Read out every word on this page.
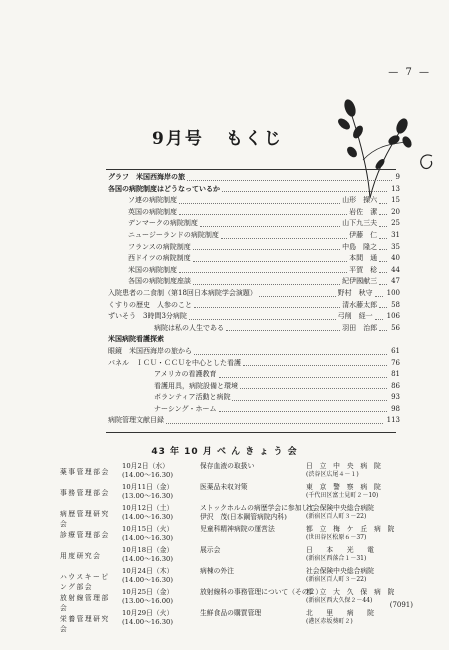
— 7 —
9月号 もくじ
グラフ　米国西海岸の旅	9
各国の病院制度はどうなっているか	13
ソ連の病院制度	山形　操六 15
英国の病院制度	岩佐　潔 20
デンマークの病院制度	山下九三夫 25
ニュージーランドの病院制度	伊藤　仁 31
フランスの病院制度	中島　隆之 35
西ドイツの病院制度	本間　通 40
米国の病院制度	平賀　稔 44
各国の病院制度座談	紀伊國献三 47
入院患者の二食制（第18回日本病院学会演題）	野村　秋守 100
くすりの歴史　人参のこと	清水藤太郎 58
ずいそう　3時間3分病院	弓削　経一 106
病院は私の人生である	羽田　治郎 56
米国病院看護探索
眼鏡　米国西海岸の旅から	61
パネル　ＩＣＵ・ＣＣＵを中心とした看護	76
アメリカの看護教育	81
看護用具，病院設備と環境	86
ボランティア活動と病院	93
ナーシング・ホーム	98
病院管理文献目録	113
43 年 10 月 べ ん き ょ う 会
薬事管理部会
10月2日（水）
(14.00～16.30)
保存血液の取扱い	日　立　中　央　病　院
(渋谷区広尾４－１)
事務管理部会
10月11日（金）
(13.00～16.30)
医薬品未収対策	東　京　警　察　病　院
(千代田区富士見町２－10)
病歴管理研究会
10月12日（土）
(14.00～16.30)
ストックホルムの病歴学会に参加して
伊沢　茂(日本鋼管病院内科)
社会保険中央総合病院
(新宿区百人町３－22)
診療管理部会
10月15日（火）
(14.00～16.30)
児童科精神病院の運営法	都　立　梅　ケ　丘　病　院
(世田谷区松原６－37)
用度研究会
10月18日（金）
(14.00～16.30)
展示会	日　　本　　光　　電
(新宿区西落合１－31)
ハウスキーピング部会
10月24日（木）
(14.00～16.30)
病棟の外注	社会保険中央総合病院
(新宿区百人町３－22)
放射線管理部会
10月25日（金）
(13.00～16.00)
放射線科の事務管理について（その２）
都　立　大　久　保　病　院
(新宿区西大久保２－44)
栄養管理研究会
10月29日（火）
(14.00～16.30)
生鮮食品の購買管理	北　　里　　病　　院
(港区赤坂葵町２)
(7091)
